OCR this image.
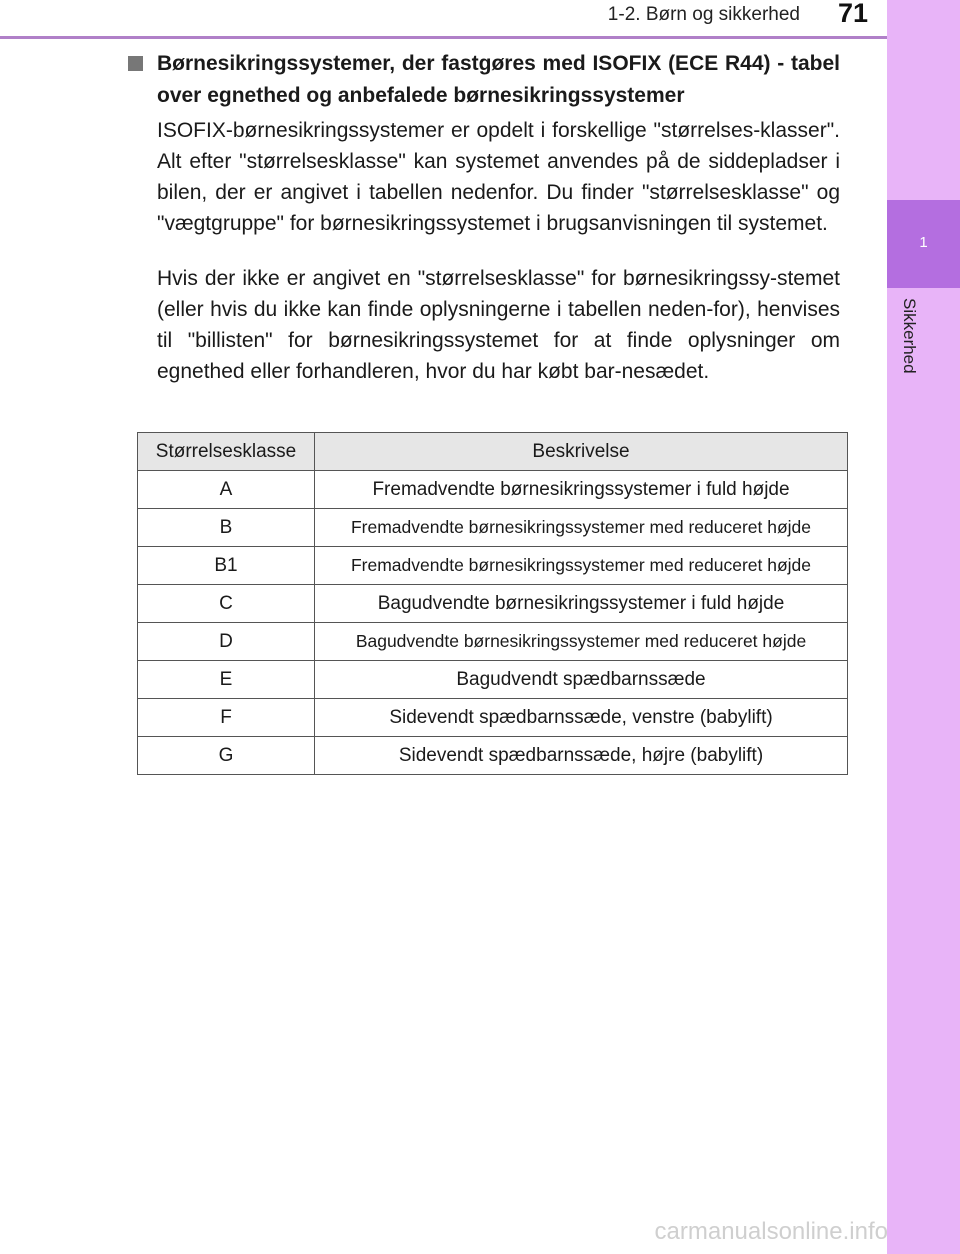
1-2. Børn og sikkerhed	71
1
Sikkerhed
Børnesikringssystemer, der fastgøres med ISOFIX (ECE R44) - tabel over egnethed og anbefalede børnesikringssystemer
ISOFIX-børnesikringssystemer er opdelt i forskellige "størrelses-klasser". Alt efter "størrelsesklasse" kan systemet anvendes på de siddepladser i bilen, der er angivet i tabellen nedenfor. Du finder "størrelsesklasse" og "vægtgruppe" for børnesikringssystemet i brugsanvisningen til systemet.
Hvis der ikke er angivet en "størrelsesklasse" for børnesikringssy-stemet (eller hvis du ikke kan finde oplysningerne i tabellen neden-for), henvises til "billisten" for børnesikringssystemet for at finde oplysninger om egnethed eller forhandleren, hvor du har købt bar-nesædet.
Størrelsesklasse	Beskrivelse
A	Fremadvendte børnesikringssystemer i fuld højde
B	Fremadvendte børnesikringssystemer med reduceret højde
B1	Fremadvendte børnesikringssystemer med reduceret højde
C	Bagudvendte børnesikringssystemer i fuld højde
D	Bagudvendte børnesikringssystemer med reduceret højde
E	Bagudvendt spædbarnssæde
F	Sidevendt spædbarnssæde, venstre (babylift)
G	Sidevendt spædbarnssæde, højre (babylift)
carmanualsonline.info
